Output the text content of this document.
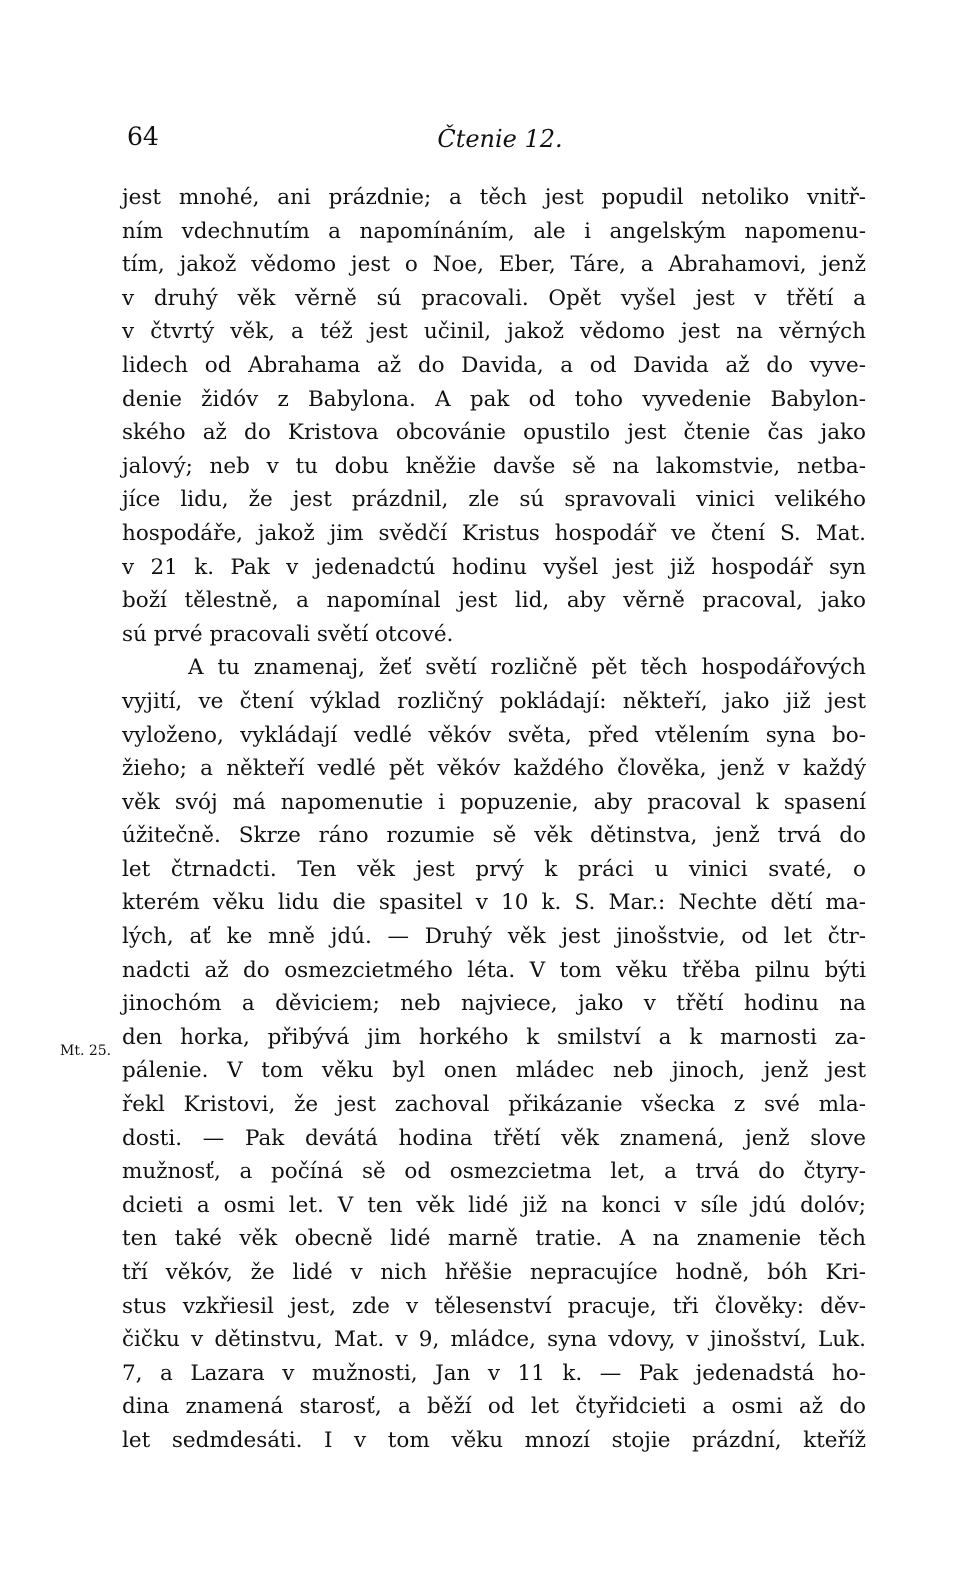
64	Čtenie 12.
Mt. 25.
jest mnohé, ani prázdnie; a těch jest popudil netoliko vnitř-
ním vdechnutím a napomínáním, ale i angelským napomenu-
tím, jakož vědomo jest o Noe, Eber, Táre, a Abrahamovi, jenž
v druhý věk věrně sú pracovali. Opět vyšel jest v třětí a
v čtvrtý věk, a též jest učinil, jakož vědomo jest na věrných
lidech od Abrahama až do Davida, a od Davida až do vyve-
denie židóv z Babylona. A pak od toho vyvedenie Babylon-
ského až do Kristova obcovánie opustilo jest čtenie čas jako
jalový; neb v tu dobu kněžie davše sě na lakomstvie, netba-
jíce lidu, že jest prázdnil, zle sú spravovali vinici velikého
hospodáře, jakož jim svědčí Kristus hospodář ve čtení S. Mat.
v 21 k. Pak v jedenadctú hodinu vyšel jest již hospodář syn
boží tělestně, a napomínal jest lid, aby věrně pracoval, jako
sú prvé pracovali světí otcové.
A tu znamenaj, žeť světí rozličně pět těch hospodářových
vyjití, ve čtení výklad rozličný pokládají: někteří, jako již jest
vyloženo, vykládají vedlé věkóv světa, před vtělením syna bo-
žieho; a někteří vedlé pět věkóv každého člověka, jenž v každý
věk svój má napomenutie i popuzenie, aby pracoval k spasení
úžitečně. Skrze ráno rozumie sě věk dětinstva, jenž trvá do
let čtrnadcti. Ten věk jest prvý k práci u vinici svaté, o
kterém věku lidu die spasitel v 10 k. S. Mar.: Nechte dětí ma-
lých, ať ke mně jdú. — Druhý věk jest jinošstvie, od let čtr-
nadcti až do osmezcietmého léta. V tom věku třěba pilnu býti
jinochóm a děviciem; neb najviece, jako v třětí hodinu na
den horka, přibývá jim horkého k smilství a k marnosti za-
pálenie. V tom věku byl onen mládec neb jinoch, jenž jest
řekl Kristovi, že jest zachoval přikázanie všecka z své mla-
dosti. — Pak devátá hodina třětí věk znamená, jenž slove
mužnosť, a počíná sě od osmezcietma let, a trvá do čtyry-
dcieti a osmi let. V ten věk lidé již na konci v síle jdú dolóv;
ten také věk obecně lidé marně tratie. A na znamenie těch
tří věkóv, že lidé v nich hřěšie nepracujíce hodně, bóh Kri-
stus vzkřiesil jest, zde v tělesenství pracuje, tři člověky: děv-
čičku v dětinstvu, Mat. v 9, mládce, syna vdovy, v jinošství, Luk.
7, a Lazara v mužnosti, Jan v 11 k. — Pak jedenadstá ho-
dina znamená starosť, a běží od let čtyřidcieti a osmi až do
let sedmdesáti. I v tom věku mnozí stojie prázdní, kteříž
